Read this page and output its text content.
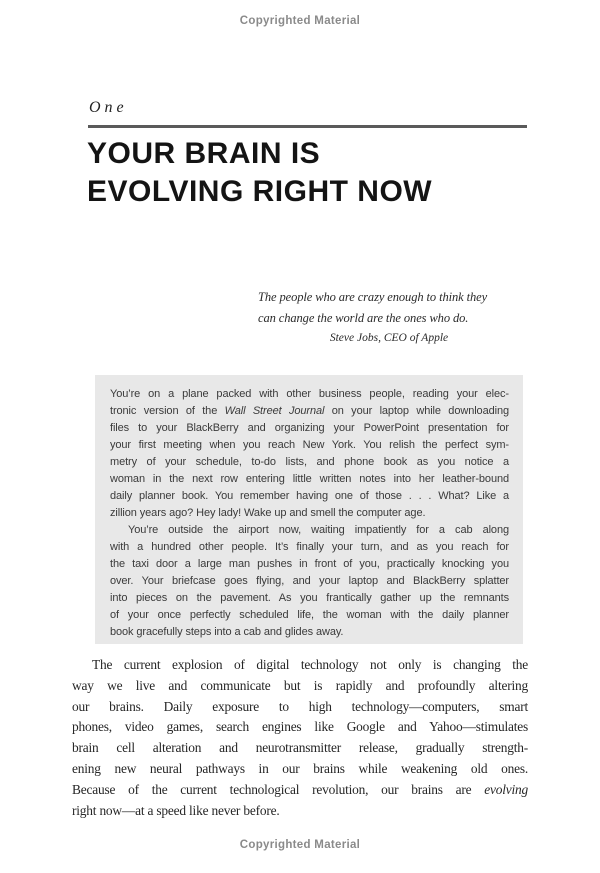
Copyrighted Material
One
YOUR BRAIN IS
EVOLVING RIGHT NOW
The people who are crazy enough to think they
can change the world are the ones who do.
Steve Jobs, CEO of Apple
You’re on a plane packed with other business people, reading your elec-
tronic version of the Wall Street Journal on your laptop while downloading
files to your BlackBerry and organizing your PowerPoint presentation for
your first meeting when you reach New York. You relish the perfect sym-
metry of your schedule, to-do lists, and phone book as you notice a
woman in the next row entering little written notes into her leather-bound
daily planner book. You remember having one of those . . . What? Like a
zillion years ago? Hey lady! Wake up and smell the computer age.
You’re outside the airport now, waiting impatiently for a cab along
with a hundred other people. It’s finally your turn, and as you reach for
the taxi door a large man pushes in front of you, practically knocking you
over. Your briefcase goes flying, and your laptop and BlackBerry splatter
into pieces on the pavement. As you frantically gather up the remnants
of your once perfectly scheduled life, the woman with the daily planner
book gracefully steps into a cab and glides away.
The current explosion of digital technology not only is changing the
way we live and communicate but is rapidly and profoundly altering
our brains. Daily exposure to high technology—computers, smart
phones, video games, search engines like Google and Yahoo—stimulates
brain cell alteration and neurotransmitter release, gradually strength-
ening new neural pathways in our brains while weakening old ones.
Because of the current technological revolution, our brains are evolving
right now—at a speed like never before.
Copyrighted Material
